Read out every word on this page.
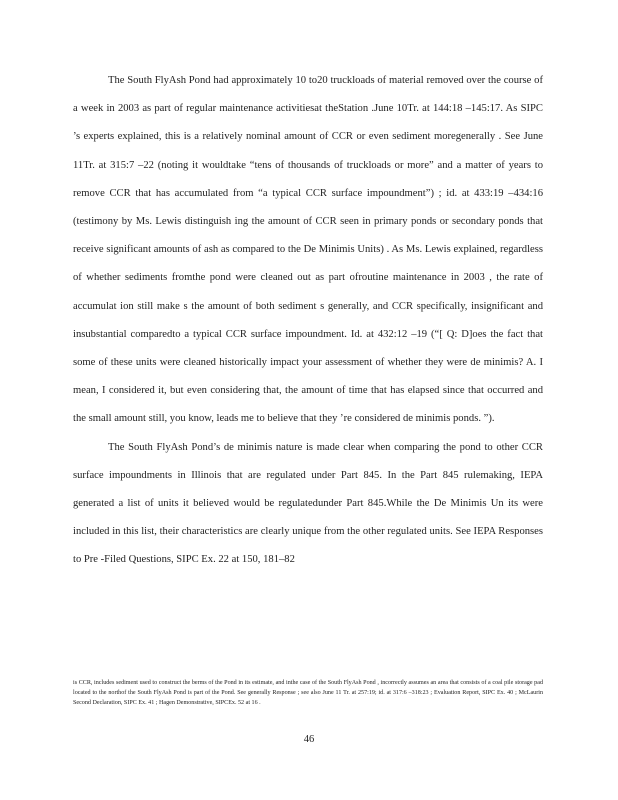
The South FlyAsh Pond had approximately 10 to20 truckloads of material removed over the course of a week in 2003 as part of regular maintenance activitiesat theStation .June 10Tr. at 144:18 –145:17. As SIPC ’s experts explained, this is a relatively nominal amount of CCR or even sediment moregenerally . See June 11Tr. at 315:7 –22 (noting it wouldtake “tens of thousands of truckloads or more” and a matter of years to remove CCR that has accumulated from “a typical CCR surface impoundment”) ; id. at 433:19 –434:16 (testimony by Ms. Lewis distinguish ing the amount of CCR seen in primary ponds or secondary ponds that receive significant amounts of ash as compared to the De Minimis Units) . As Ms. Lewis explained, regardless of whether sediments fromthe pond were cleaned out as part ofroutine maintenance in 2003 , the rate of accumulat ion still make s the amount of both sediment s generally, and CCR specifically, insignificant and insubstantial comparedto a typical CCR surface impoundment. Id. at 432:12 –19 (“[ Q: D]oes the fact that some of these units were cleaned historically impact your assessment of whether they were de minimis? A. I mean, I considered it, but even considering that, the amount of time that has elapsed since that occurred and the small amount still, you know, leads me to believe that they ’re considered de minimis ponds. ”).

The South FlyAsh Pond’s de minimis nature is made clear when comparing the pond to other CCR surface impoundments in Illinois that are regulated under Part 845. In the Part 845 rulemaking, IEPA generated a list of units it believed would be regulatedunder Part 845.While the De Minimis Un its were included in this list, their characteristics are clearly unique from the other regulated units. See IEPA Responses to Pre -Filed Questions, SIPC Ex. 22 at 150, 181–82

is CCR, includes sediment used to construct the berms of the Pond in its estimate, and inthe case of the South FlyAsh Pond , incorrectly assumes an area that consists of a coal pile storage pad located to the northof the South FlyAsh Pond is part of the Pond. See generally Response ; see also June 11 Tr. at 257:19; id. at 317:6 –318:23 ; Evaluation Report, SIPC Ex. 40 ; McLaurin Second Declaration, SIPC Ex. 41 ; Hagen Demonstrative, SIPCEx. 52 at 16 .
46
